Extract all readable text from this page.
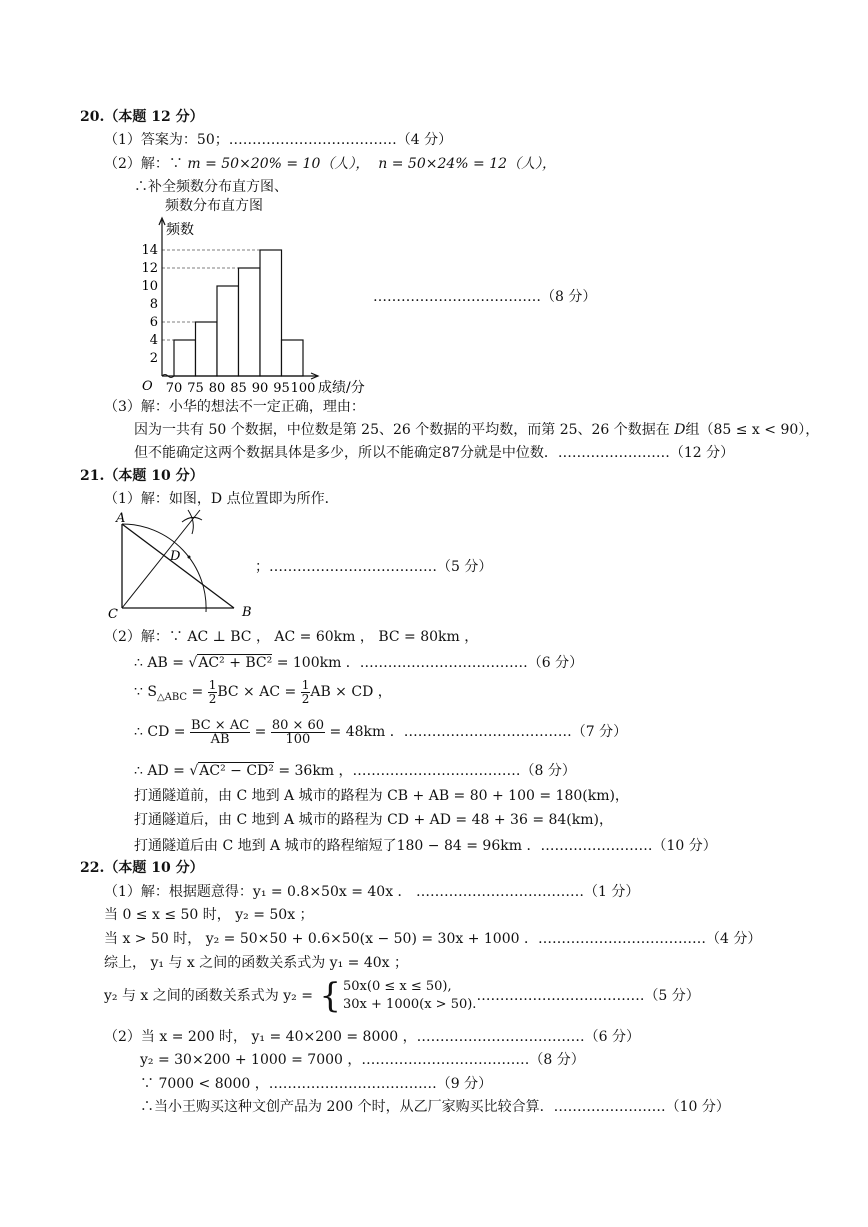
20.（本题 12 分）
（1）答案为：50；………………………………（4 分）
（2）解：∵ m = 50×20% = 10（人）， n = 50×24% = 12（人），
∴补全频数分布直方图、
频数分布直方图
2
4
6
8
10
12
14
70 75 80 85 90 95 100
O
频数
成绩/分
………………………………（8 分）
（3）解：小华的想法不一定正确，理由：
因为一共有 50 个数据，中位数是第 25、26 个数据的平均数，而第 25、26 个数据在 D组（85 ≤ x < 90），
但不能确定这两个数据具体是多少，所以不能确定87分就是中位数．……………………（12 分）
21.（本题 10 分）
（1）解：如图，D 点位置即为所作．
A
C	B
D
；………………………………（5 分）
（2）解：∵ AC ⊥ BC ， AC = 60km ， BC = 80km ，
∴ AB = √AC² + BC² = 100km ．………………………………（6 分）
∵ $S_{\triangle ABC} = \frac{1}{2}$ BC × AC = $\frac{1}{2}$ AB × CD ，
∴ CD = $\frac{BC \times AC}{AB} = \frac{80 \times 60}{100} = 48km$ ．………………………………（7 分）
∴ AD = √AC² − CD² = 36km ，………………………………（8 分）
打通隧道前，由 C 地到 A 城市的路程为 CB + AB = 80 + 100 = 180(km)，
打通隧道后，由 C 地到 A 城市的路程为 CD + AD = 48 + 36 = 84(km)，
打通隧道后由 C 地到 A 城市的路程缩短了180 − 84 = 96km ．……………………（10 分）
22.（本题 10 分）
（1）解：根据题意得：y₁ = 0.8×50x = 40x ． ………………………………（1 分）
当 0 ≤ x ≤ 50 时， y₂ = 50x ；
当 x > 50 时， y₂ = 50×50 + 0.6×50(x − 50) = 30x + 1000 ．………………………………（4 分）
综上， y₁ 与 x 之间的函数关系式为 y₁ = 40x ；
y₂ 与 x 之间的函数关系式为 y₂ = { 50x(0 ≤ x ≤ 50),
30x + 1000(x > 50).
………………………………（5 分）
（2）当 x = 200 时， y₁ = 40×200 = 8000 ，………………………………（6 分）
y₂ = 30×200 + 1000 = 7000 ，………………………………（8 分）
∵ 7000 < 8000 ，………………………………（9 分）
∴当小王购买这种文创产品为 200 个时，从乙厂家购买比较合算．……………………（10 分）
